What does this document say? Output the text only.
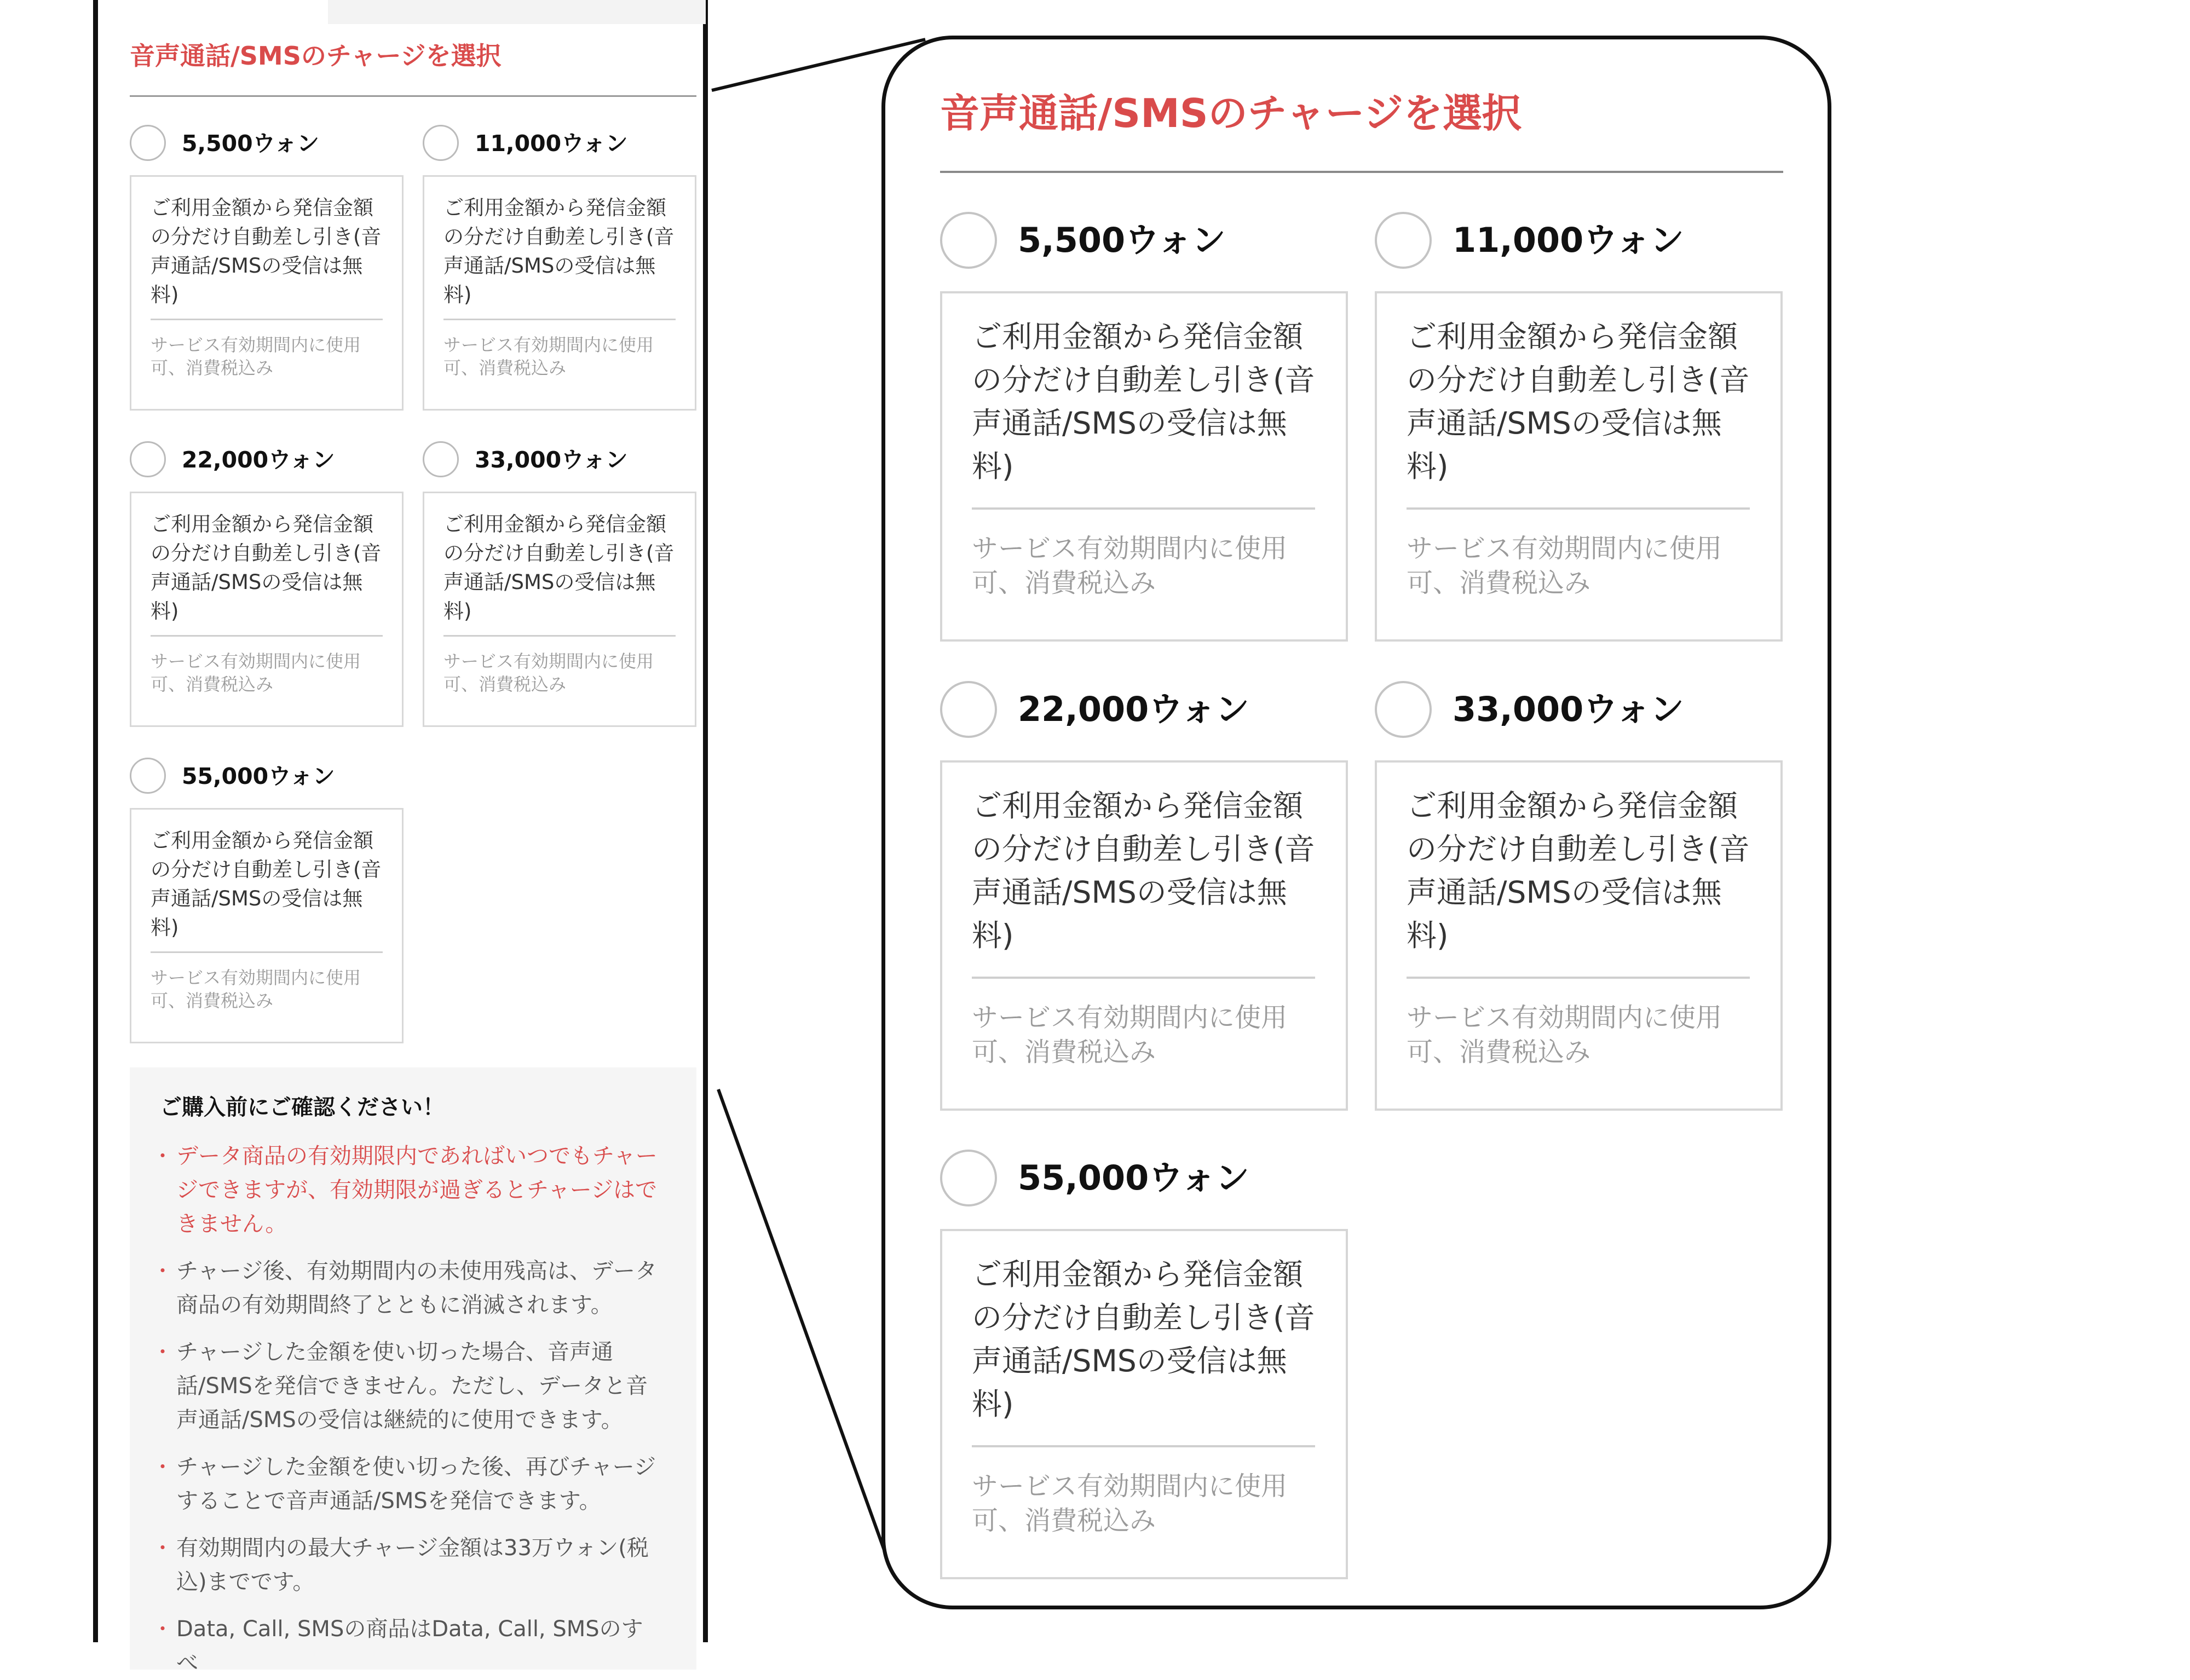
音声通話/SMSのチャージを選択
5,500ウォン

ご利用金額から発信金額の分だけ自動差し引き(音声通話/SMSの受信は無料)

サービス有効期間内に使用可、消費税込み

11,000ウォン

ご利用金額から発信金額の分だけ自動差し引き(音声通話/SMSの受信は無料)

サービス有効期間内に使用可、消費税込み

22,000ウォン

ご利用金額から発信金額の分だけ自動差し引き(音声通話/SMSの受信は無料)

サービス有効期間内に使用可、消費税込み

33,000ウォン

ご利用金額から発信金額の分だけ自動差し引き(音声通話/SMSの受信は無料)

サービス有効期間内に使用可、消費税込み

55,000ウォン

ご利用金額から発信金額の分だけ自動差し引き(音声通話/SMSの受信は無料)

サービス有効期間内に使用可、消費税込み

ご購入前にご確認ください！
・ データ商品の有効期限内であればいつでもチャージできますが、有効期限が過ぎるとチャージはできません。
・ チャージ後、有効期間内の未使用残高は、データ商品の有効期間終了とともに消滅されます。
・ チャージした金額を使い切った場合、音声通話/SMSを発信できません。ただし、データと音声通話/SMSの受信は継続的に使用できます。
・ チャージした金額を使い切った後、再びチャージすることで音声通話/SMSを発信できます。
・ 有効期間内の最大チャージ金額は33万ウォン(税込)までです。
・ Data, Call, SMSの商品はData, Call, SMSのすべ
音声通話/SMSのチャージを選択
5,500ウォン

ご利用金額から発信金額の分だけ自動差し引き(音声通話/SMSの受信は無料)

サービス有効期間内に使用可、消費税込み

11,000ウォン

ご利用金額から発信金額の分だけ自動差し引き(音声通話/SMSの受信は無料)

サービス有効期間内に使用可、消費税込み

22,000ウォン

ご利用金額から発信金額の分だけ自動差し引き(音声通話/SMSの受信は無料)

サービス有効期間内に使用可、消費税込み

33,000ウォン

ご利用金額から発信金額の分だけ自動差し引き(音声通話/SMSの受信は無料)

サービス有効期間内に使用可、消費税込み

55,000ウォン

ご利用金額から発信金額の分だけ自動差し引き(音声通話/SMSの受信は無料)

サービス有効期間内に使用可、消費税込み
